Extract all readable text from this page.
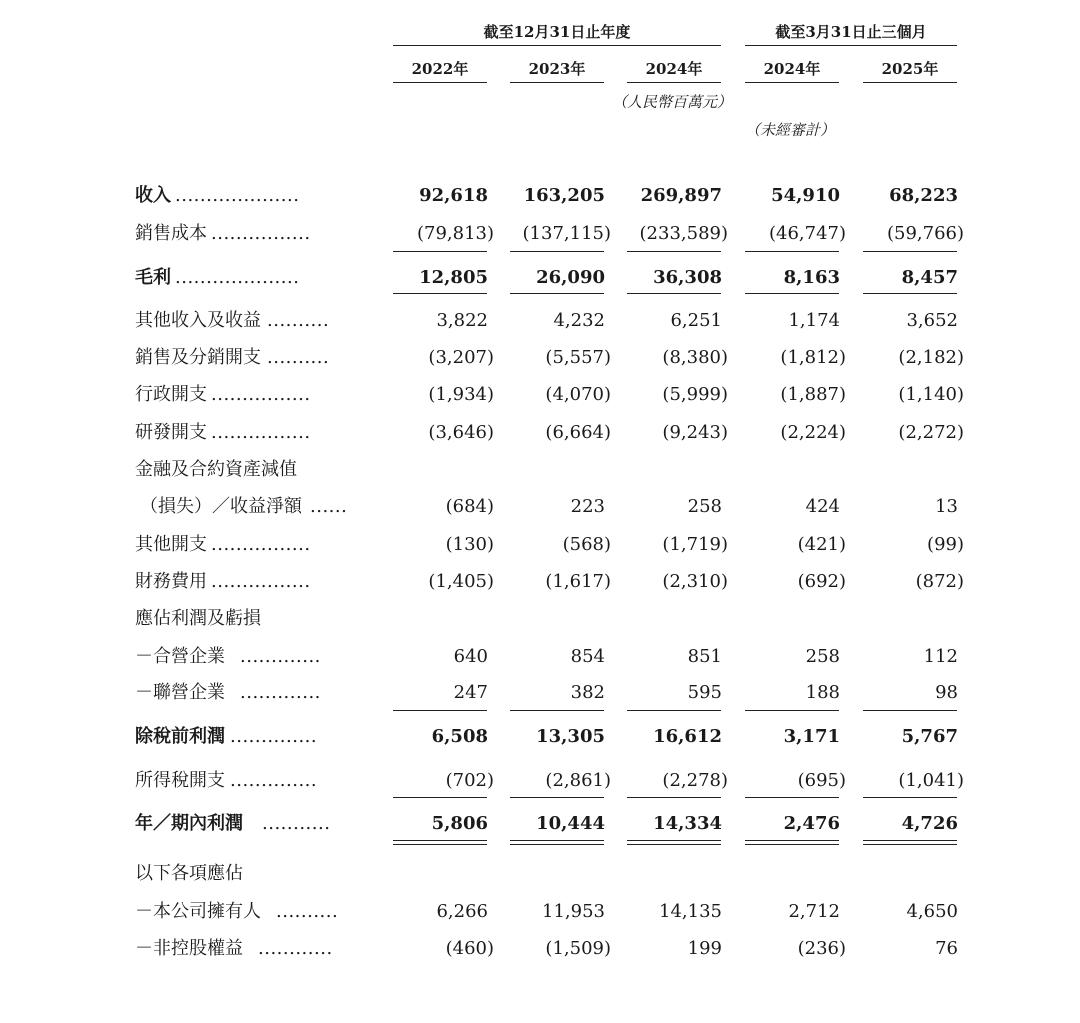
截至12月31日止年度	截至3月31日止三個月
2022年	2023年	2024年	2024年	2025年
（人民幣百萬元）
（未經審計）
收入 ....................	92,618	163,205	269,897	54,910	68,223
銷售成本 ................	(79,813)	(137,115)	(233,589)	(46,747)	(59,766)
毛利 ....................	12,805	26,090	36,308	8,163	8,457
其他收入及收益 ..........	3,822	4,232	6,251	1,174	3,652
銷售及分銷開支 ..........	(3,207)	(5,557)	(8,380)	(1,812)	(2,182)
行政開支 ................	(1,934)	(4,070)	(5,999)	(1,887)	(1,140)
研發開支 ................	(3,646)	(6,664)	(9,243)	(2,224)	(2,272)
金融及合約資產減值
（損失）／收益淨額 ......	(684)	223	258	424	13
其他開支 ................	(130)	(568)	(1,719)	(421)	(99)
財務費用 ................	(1,405)	(1,617)	(2,310)	(692)	(872)
應佔利潤及虧損
－合營企業 .............	640	854	851	258	112
－聯營企業 .............	247	382	595	188	98
除稅前利潤 ..............	6,508	13,305	16,612	3,171	5,767
所得稅開支 ..............	(702)	(2,861)	(2,278)	(695)	(1,041)
年／期內利潤 ...........	5,806	10,444	14,334	2,476	4,726
以下各項應佔
－本公司擁有人 ..........	6,266	11,953	14,135	2,712	4,650
－非控股權益 ............	(460)	(1,509)	199	(236)	76
